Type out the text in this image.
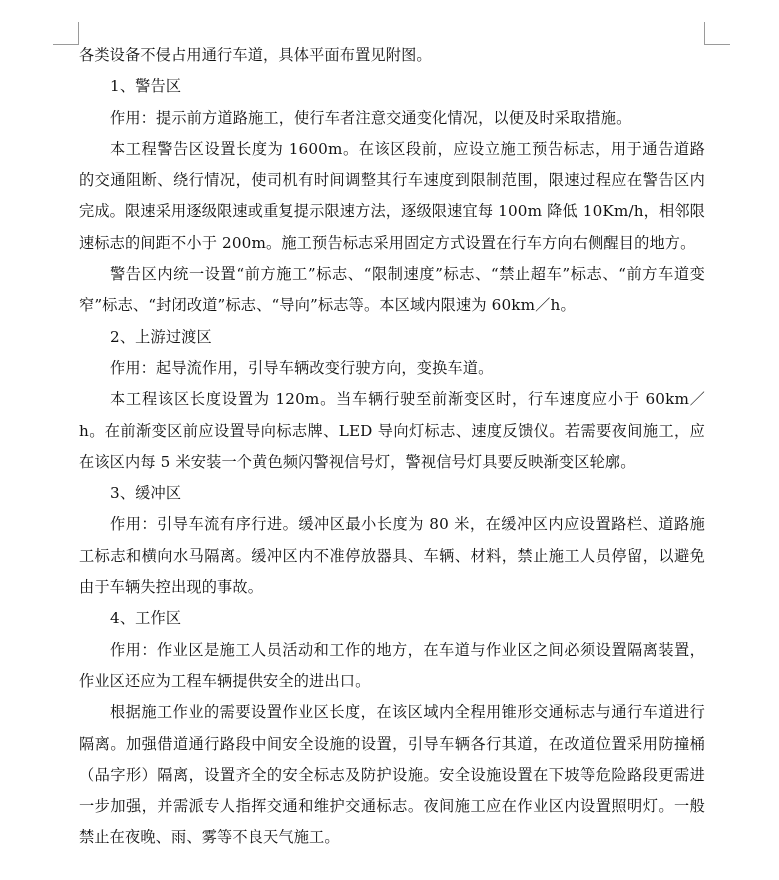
各类设备不侵占用通行车道，具体平面布置见附图。

1、警告区

作用：提示前方道路施工，使行车者注意交通变化情况，以便及时采取措施。

本工程警告区设置长度为 1600m。在该区段前，应设立施工预告标志，用于通告道路的交通阻断、绕行情况，使司机有时间调整其行车速度到限制范围，限速过程应在警告区内完成。限速采用逐级限速或重复提示限速方法，逐级限速宜每 100m 降低 10Km/h，相邻限速标志的间距不小于 200m。施工预告标志采用固定方式设置在行车方向右侧醒目的地方。

警告区内统一设置“前方施工”标志、“限制速度”标志、“禁止超车”标志、“前方车道变窄”标志、“封闭改道”标志、“导向”标志等。本区域内限速为 60km／h。

2、上游过渡区

作用：起导流作用，引导车辆改变行驶方向，变换车道。

本工程该区长度设置为 120m。当车辆行驶至前渐变区时，行车速度应小于 60km／h。在前渐变区前应设置导向标志牌、LED 导向灯标志、速度反馈仪。若需要夜间施工，应在该区内每 5 米安装一个黄色频闪警视信号灯，警视信号灯具要反映渐变区轮廓。

3、缓冲区

作用：引导车流有序行进。缓冲区最小长度为 80 米，在缓冲区内应设置路栏、道路施工标志和横向水马隔离。缓冲区内不准停放器具、车辆、材料，禁止施工人员停留，以避免由于车辆失控出现的事故。

4、工作区

作用：作业区是施工人员活动和工作的地方，在车道与作业区之间必须设置隔离装置，作业区还应为工程车辆提供安全的进出口。

根据施工作业的需要设置作业区长度，在该区域内全程用锥形交通标志与通行车道进行隔离。加强借道通行路段中间安全设施的设置，引导车辆各行其道，在改道位置采用防撞桶（品字形）隔离，设置齐全的安全标志及防护设施。安全设施设置在下坡等危险路段更需进一步加强，并需派专人指挥交通和维护交通标志。夜间施工应在作业区内设置照明灯。一般禁止在夜晚、雨、雾等不良天气施工。
